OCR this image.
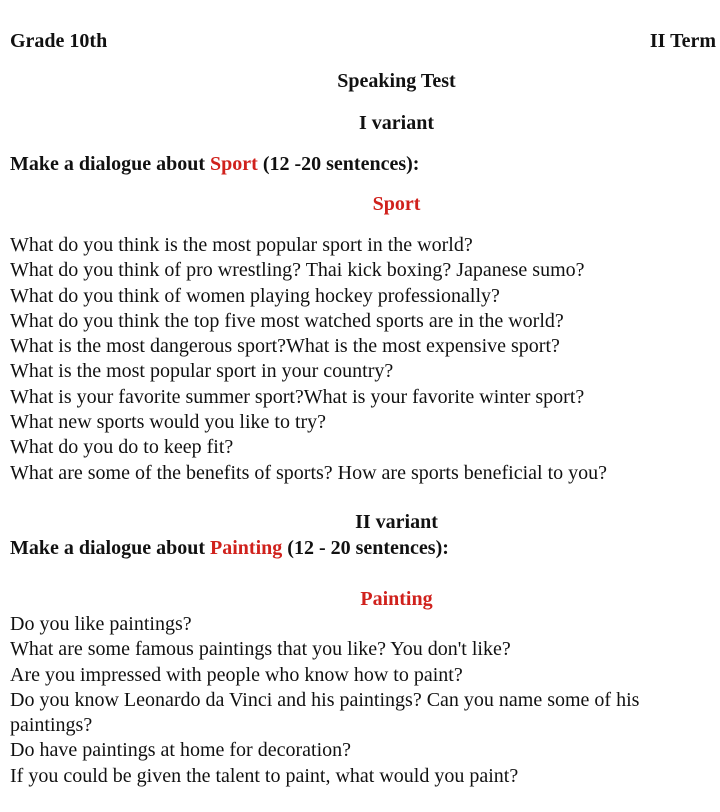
Grade 10th	II Term
Speaking Test
I variant
Make a dialogue about Sport (12 -20 sentences):
Sport
What do you think is the most popular sport in the world?
What do you think of pro wrestling? Thai kick boxing? Japanese sumo?
What do you think of women playing hockey professionally?
What do you think the top five most watched sports are in the world?
What is the most dangerous sport?What is the most expensive sport?
What is the most popular sport in your country?
What is your favorite summer sport?What is your favorite winter sport?
What new sports would you like to try?
What do you do to keep fit?
What are some of the benefits of sports? How are sports beneficial to you?
II variant
Make a dialogue about Painting (12 - 20 sentences):
Painting
Do you like paintings?
What are some famous paintings that you like? You don't like?
Are you impressed with people who know how to paint?
Do you know Leonardo da Vinci and his paintings? Can you name some of his paintings?
Do have paintings at home for decoration?
If you could be given the talent to paint, what would you paint?
